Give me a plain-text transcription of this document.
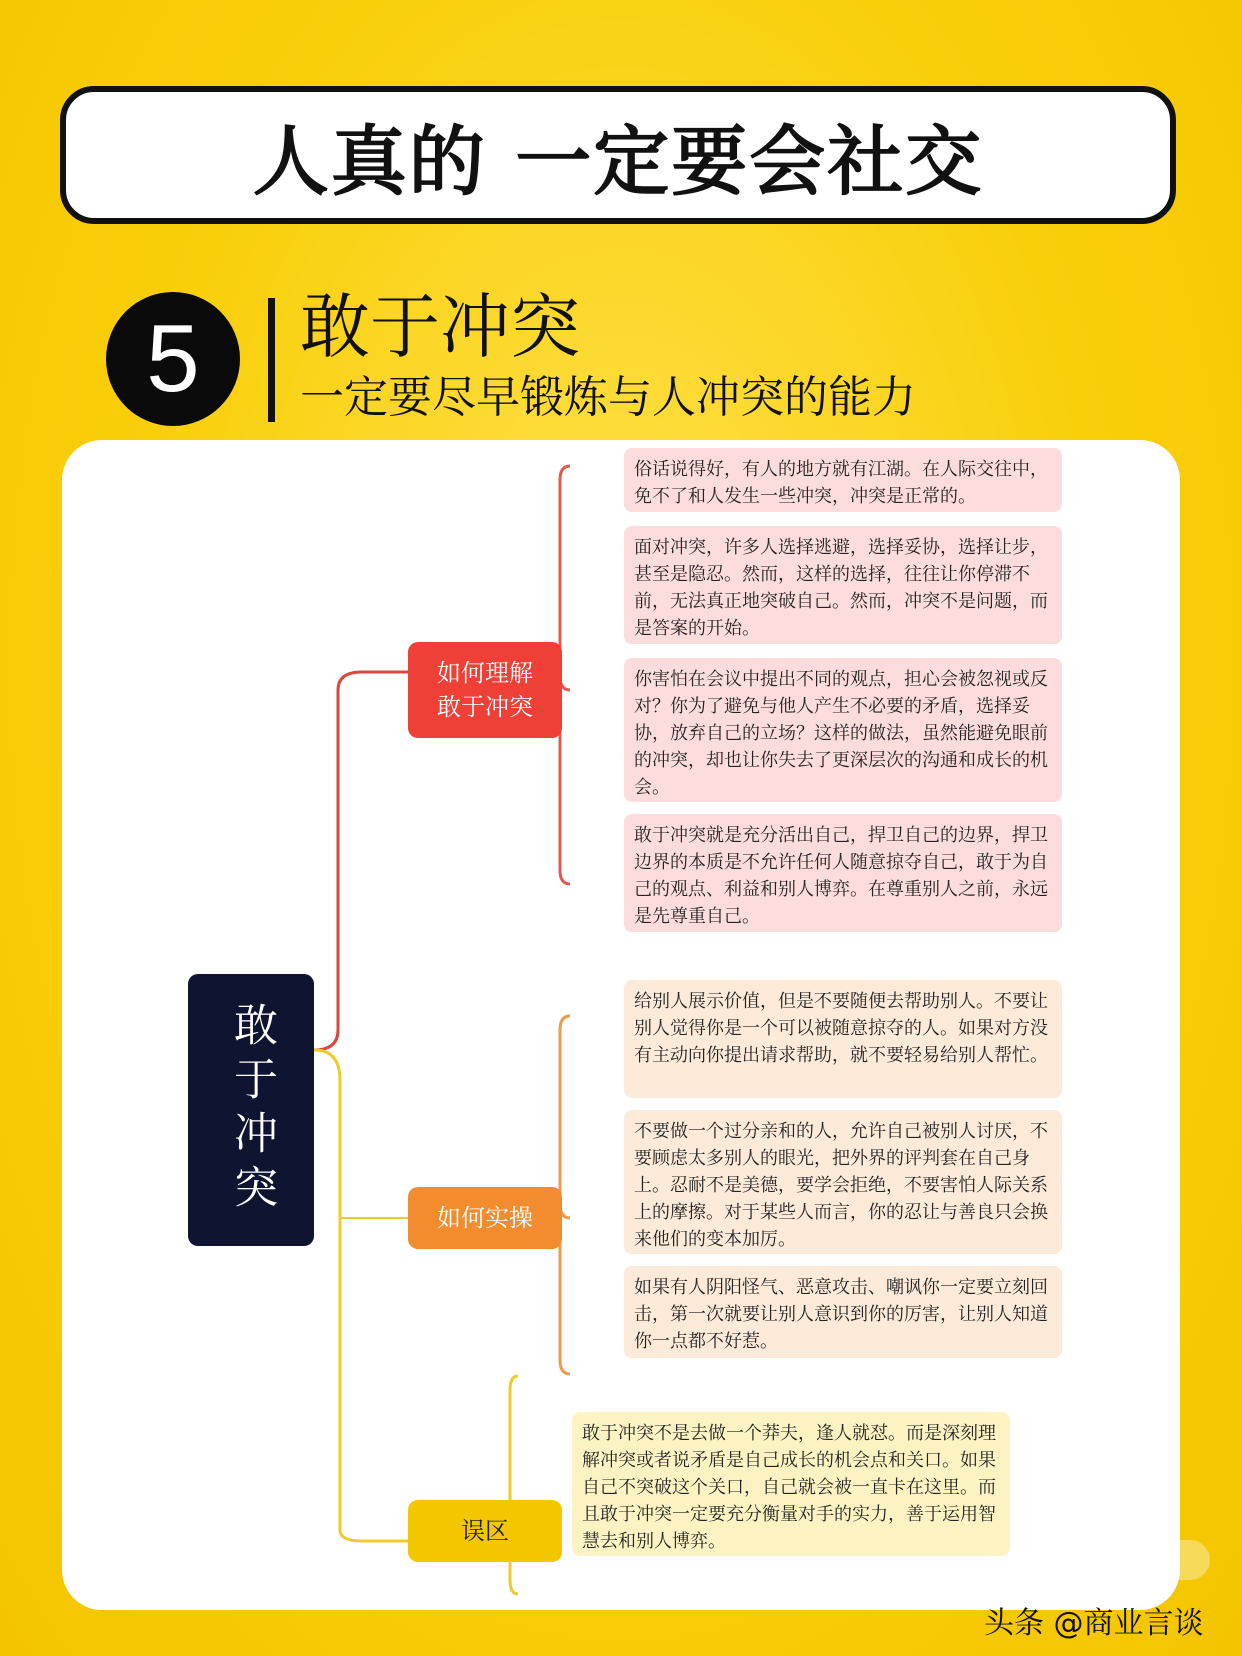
人真的 一定要会社交
5	敢于冲突
一定要尽早锻炼与人冲突的能力
敢于冲突
如何理解
敢于冲突
如何实操
误区
俗话说得好，有人的地方就有江湖。在人际交往中，免不了和人发生一些冲突，冲突是正常的。
面对冲突，许多人选择逃避，选择妥协，选择让步，甚至是隐忍。然而，这样的选择，往往让你停滞不前，无法真正地突破自己。然而，冲突不是问题，而是答案的开始。
你害怕在会议中提出不同的观点，担心会被忽视或反对？你为了避免与他人产生不必要的矛盾，选择妥协，放弃自己的立场？这样的做法，虽然能避免眼前的冲突，却也让你失去了更深层次的沟通和成长的机会。
敢于冲突就是充分活出自己，捍卫自己的边界，捍卫边界的本质是不允许任何人随意掠夺自己，敢于为自己的观点、利益和别人博弈。在尊重别人之前，永远是先尊重自己。
给别人展示价值，但是不要随便去帮助别人。不要让别人觉得你是一个可以被随意掠夺的人。如果对方没有主动向你提出请求帮助，就不要轻易给别人帮忙。
不要做一个过分亲和的人，允许自己被别人讨厌，不要顾虑太多别人的眼光，把外界的评判套在自己身上。忍耐不是美德，要学会拒绝，不要害怕人际关系上的摩擦。对于某些人而言，你的忍让与善良只会换来他们的变本加厉。
如果有人阴阳怪气、恶意攻击、嘲讽你一定要立刻回击，第一次就要让别人意识到你的厉害，让别人知道你一点都不好惹。
敢于冲突不是去做一个莽夫，逢人就怼。而是深刻理解冲突或者说矛盾是自己成长的机会点和关口。如果自己不突破这个关口，自己就会被一直卡在这里。而且敢于冲突一定要充分衡量对手的实力，善于运用智慧去和别人博弈。
头条 @商业言谈
